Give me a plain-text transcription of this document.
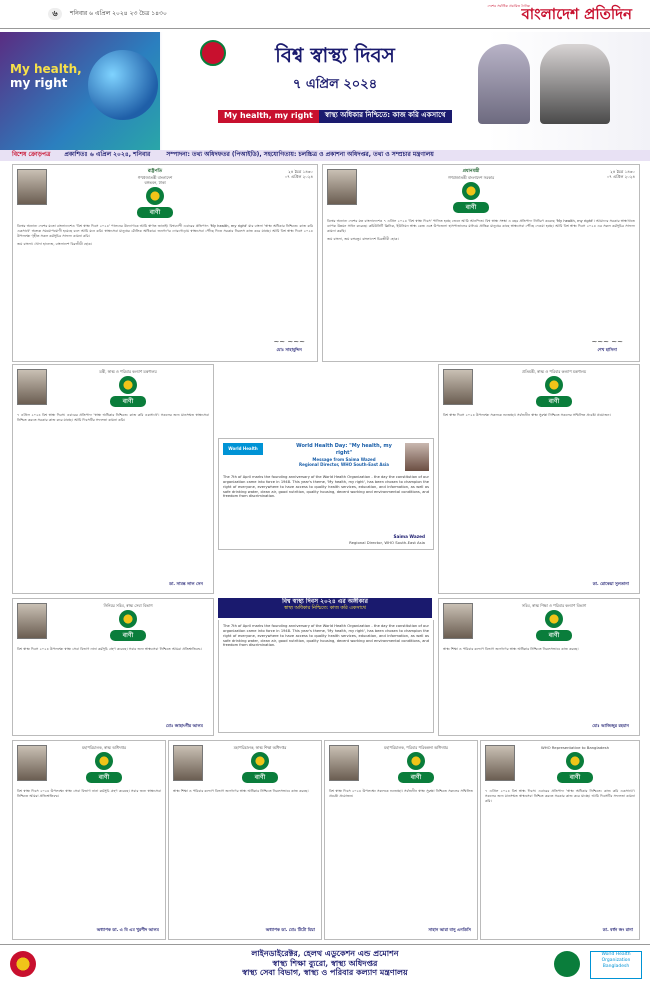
৬	শনিবার ৬ এপ্রিল ২০২৪ ২৩ চৈত্র ১৪৩০
দেশের সর্বাধিক প্রচারিত দৈনিক
বাংলাদেশ প্রতিদিন
My health,
my right
বিশ্ব স্বাস্থ্য দিবস
৭ এপ্রিল ২০২৪
My health, my right	স্বাস্থ্য অধিকার নিশ্চিতে: কাজ করি একসাথে
বিশেষ ক্রোড়পত্র প্রকাশিতঃ ৬ এপ্রিল ২০২৪, শনিবার	সম্পাদনা: তথ্য অধিদফতর (পিআইডি), সহযোগিতায়: চলচ্চিত্র ও প্রকাশনা অধিদপ্তর, তথ্য ও সম্প্রচার মন্ত্রণালয়
রাষ্ট্রপতি
গণপ্রজাতন্ত্রী বাংলাদেশ
বঙ্গভবন, ঢাকা
বাণী
২৪ চৈত্র ১৪৩০
০৭ এপ্রিল ২০২৪
বিশ্বের অন্যান্য দেশের মতো বাংলাদেশেও 'বিশ্ব স্বাস্থ্য দিবস ২০২৪' পালনের উদ্যোগকে আমি স্বাগত জানাই। বিশ্বব্যাপী এবারের প্রতিপাদ্য 'My health, my right' যার বাংলা 'স্বাস্থ্য অধিকার নিশ্চিতে: কাজ করি একসাথে' অত্যন্ত সময়োপযোগী হয়েছে বলে আমি মনে করি। স্বাস্থ্যসেবা মানুষের মৌলিক অধিকার। জনগণের দোরগোড়ায় স্বাস্থ্যসেবা পৌঁছে দিতে সরকার নিরলস কাজ করে যাচ্ছে। আমি বিশ্ব স্বাস্থ্য দিবস ২০২৪ উপলক্ষ্যে গৃহীত সকল কর্মসূচির সাফল্য কামনা করি।
জয় বাংলা। খোদা হাফেজ, বাংলাদেশ চিরজীবী হোক।
~~ ~~~
মোঃ সাহাবুদ্দিন
প্রধানমন্ত্রী
গণপ্রজাতন্ত্রী বাংলাদেশ সরকার
বাণী
২৪ চৈত্র ১৪৩০
০৭ এপ্রিল ২০২৪
বিশ্বের অন্যান্য দেশের মত বাংলাদেশেও ৭ এপ্রিল ২০২৪ 'বিশ্ব স্বাস্থ্য দিবস' পালিত হচ্ছে জেনে আমি আনন্দিত। বিশ্ব স্বাস্থ্য সংস্থা এ বছর প্রতিপাদ্য নির্ধারণ করেছে 'My health, my right'। আমাদের সরকার স্বাস্থ্যখাতে ব্যাপক উন্নয়ন সাধন করেছে। কমিউনিটি ক্লিনিক, ইউনিয়ন স্বাস্থ্য কেন্দ্র এবং উপজেলা হাসপাতালের মাধ্যমে প্রান্তিক মানুষের কাছে স্বাস্থ্যসেবা পৌঁছে দেওয়া হচ্ছে। আমি বিশ্ব স্বাস্থ্য দিবস ২০২৪ এর সকল কর্মসূচির সাফল্য কামনা করছি।
জয় বাংলা, জয় বঙ্গবন্ধু। বাংলাদেশ চিরজীবী হোক।
~~~ ~~
শেখ হাসিনা
মন্ত্রী, স্বাস্থ্য ও পরিবার কল্যাণ মন্ত্রণালয়
বাণী
৭ এপ্রিল ২০২৪ বিশ্ব স্বাস্থ্য দিবস। এবারের প্রতিপাদ্য 'স্বাস্থ্য অধিকার নিশ্চিতে: কাজ করি একসাথে'। সকলের জন্য মানসম্মত স্বাস্থ্যসেবা নিশ্চিত করতে সরকার কাজ করে যাচ্ছে। আমি দিবসটির সফলতা কামনা করি।
ডা. সামন্ত লাল সেন
World Health Organization
World Health Day: "My health, my right"
Message from Saima Wazed
Regional Director, WHO South-East Asia
The 7th of April marks the founding anniversary of the World Health Organization - the day the constitution of our organization came into force in 1948. This year's theme, 'My health, my right', has been chosen to champion the right of everyone, everywhere to have access to quality health services, education, and information, as well as safe drinking water, clean air, good nutrition, quality housing, decent working and environmental conditions, and freedom from discrimination.
Saima Wazed
Regional Director, WHO South-East Asia
প্রতিমন্ত্রী, স্বাস্থ্য ও পরিবার কল্যাণ মন্ত্রণালয়
বাণী
বিশ্ব স্বাস্থ্য দিবস ২০২৪ উপলক্ষ্যে সকলকে শুভেচ্ছা। সর্বজনীন স্বাস্থ্য সুরক্ষা নিশ্চিতে সকলের সম্মিলিত প্রচেষ্টা প্রয়োজন।
ডা. রোকেয়া সুলতানা
বিশ্ব স্বাস্থ্য দিবস ২০২৪ এর অঙ্গীকার
স্বাস্থ্য অধিকার নিশ্চিতে: কাজ করি একসাথে
The 7th of April marks the founding anniversary of the World Health Organization - the day the constitution of our organization came into force in 1948. This year's theme, 'My health, my right', has been chosen to champion the right of everyone, everywhere to have access to quality health services, education, and information, as well as safe drinking water, clean air, good nutrition, quality housing, decent working and environmental conditions, and freedom from discrimination.
সিনিয়র সচিব, স্বাস্থ্য সেবা বিভাগ
বাণী
বিশ্ব স্বাস্থ্য দিবস ২০২৪ উপলক্ষ্যে স্বাস্থ্য সেবা বিভাগ নানা কর্মসূচি গ্রহণ করেছে। সবার জন্য স্বাস্থ্যসেবা নিশ্চিতে আমরা প্রতিশ্রুতিবদ্ধ।
মোঃ জাহাংগীর আলম
সচিব, স্বাস্থ্য শিক্ষা ও পরিবার কল্যাণ বিভাগ
বাণী
স্বাস্থ্য শিক্ষা ও পরিবার কল্যাণ বিভাগ জনগণের স্বাস্থ্য অধিকার নিশ্চিতে নিরলসভাবে কাজ করছে।
মোঃ আজিজুর রহমান
মহাপরিচালক, স্বাস্থ্য অধিদপ্তর
বাণী
বিশ্ব স্বাস্থ্য দিবস ২০২৪ উপলক্ষ্যে স্বাস্থ্য সেবা বিভাগ নানা কর্মসূচি গ্রহণ করেছে। সবার জন্য স্বাস্থ্যসেবা নিশ্চিতে আমরা প্রতিশ্রুতিবদ্ধ।
অধ্যাপক ডা. এ বি এম খুরশীদ আলম
মহাপরিচালক, স্বাস্থ্য শিক্ষা অধিদপ্তর
বাণী
স্বাস্থ্য শিক্ষা ও পরিবার কল্যাণ বিভাগ জনগণের স্বাস্থ্য অধিকার নিশ্চিতে নিরলসভাবে কাজ করছে।
অধ্যাপক ডা. মোঃ টিটো মিয়া
মহাপরিচালক, পরিবার পরিকল্পনা অধিদপ্তর
বাণী
বিশ্ব স্বাস্থ্য দিবস ২০২৪ উপলক্ষ্যে সকলকে শুভেচ্ছা। সর্বজনীন স্বাস্থ্য সুরক্ষা নিশ্চিতে সকলের সম্মিলিত প্রচেষ্টা প্রয়োজন।
সাহান আরা বানু এনডিসি
WHO Representative to Bangladesh
বাণী
৭ এপ্রিল ২০২৪ বিশ্ব স্বাস্থ্য দিবস। এবারের প্রতিপাদ্য 'স্বাস্থ্য অধিকার নিশ্চিতে: কাজ করি একসাথে'। সকলের জন্য মানসম্মত স্বাস্থ্যসেবা নিশ্চিত করতে সরকার কাজ করে যাচ্ছে। আমি দিবসটির সফলতা কামনা করি।
ডা. বর্ধন জং রানা
লাইনডাইরেক্টর, হেলথ এডুকেশন এন্ড প্রমোশন
স্বাস্থ্য শিক্ষা ব্যুরো, স্বাস্থ্য অধিদপ্তর
স্বাস্থ্য সেবা বিভাগ, স্বাস্থ্য ও পরিবার কল্যাণ মন্ত্রণালয়
World Health Organization Bangladesh
